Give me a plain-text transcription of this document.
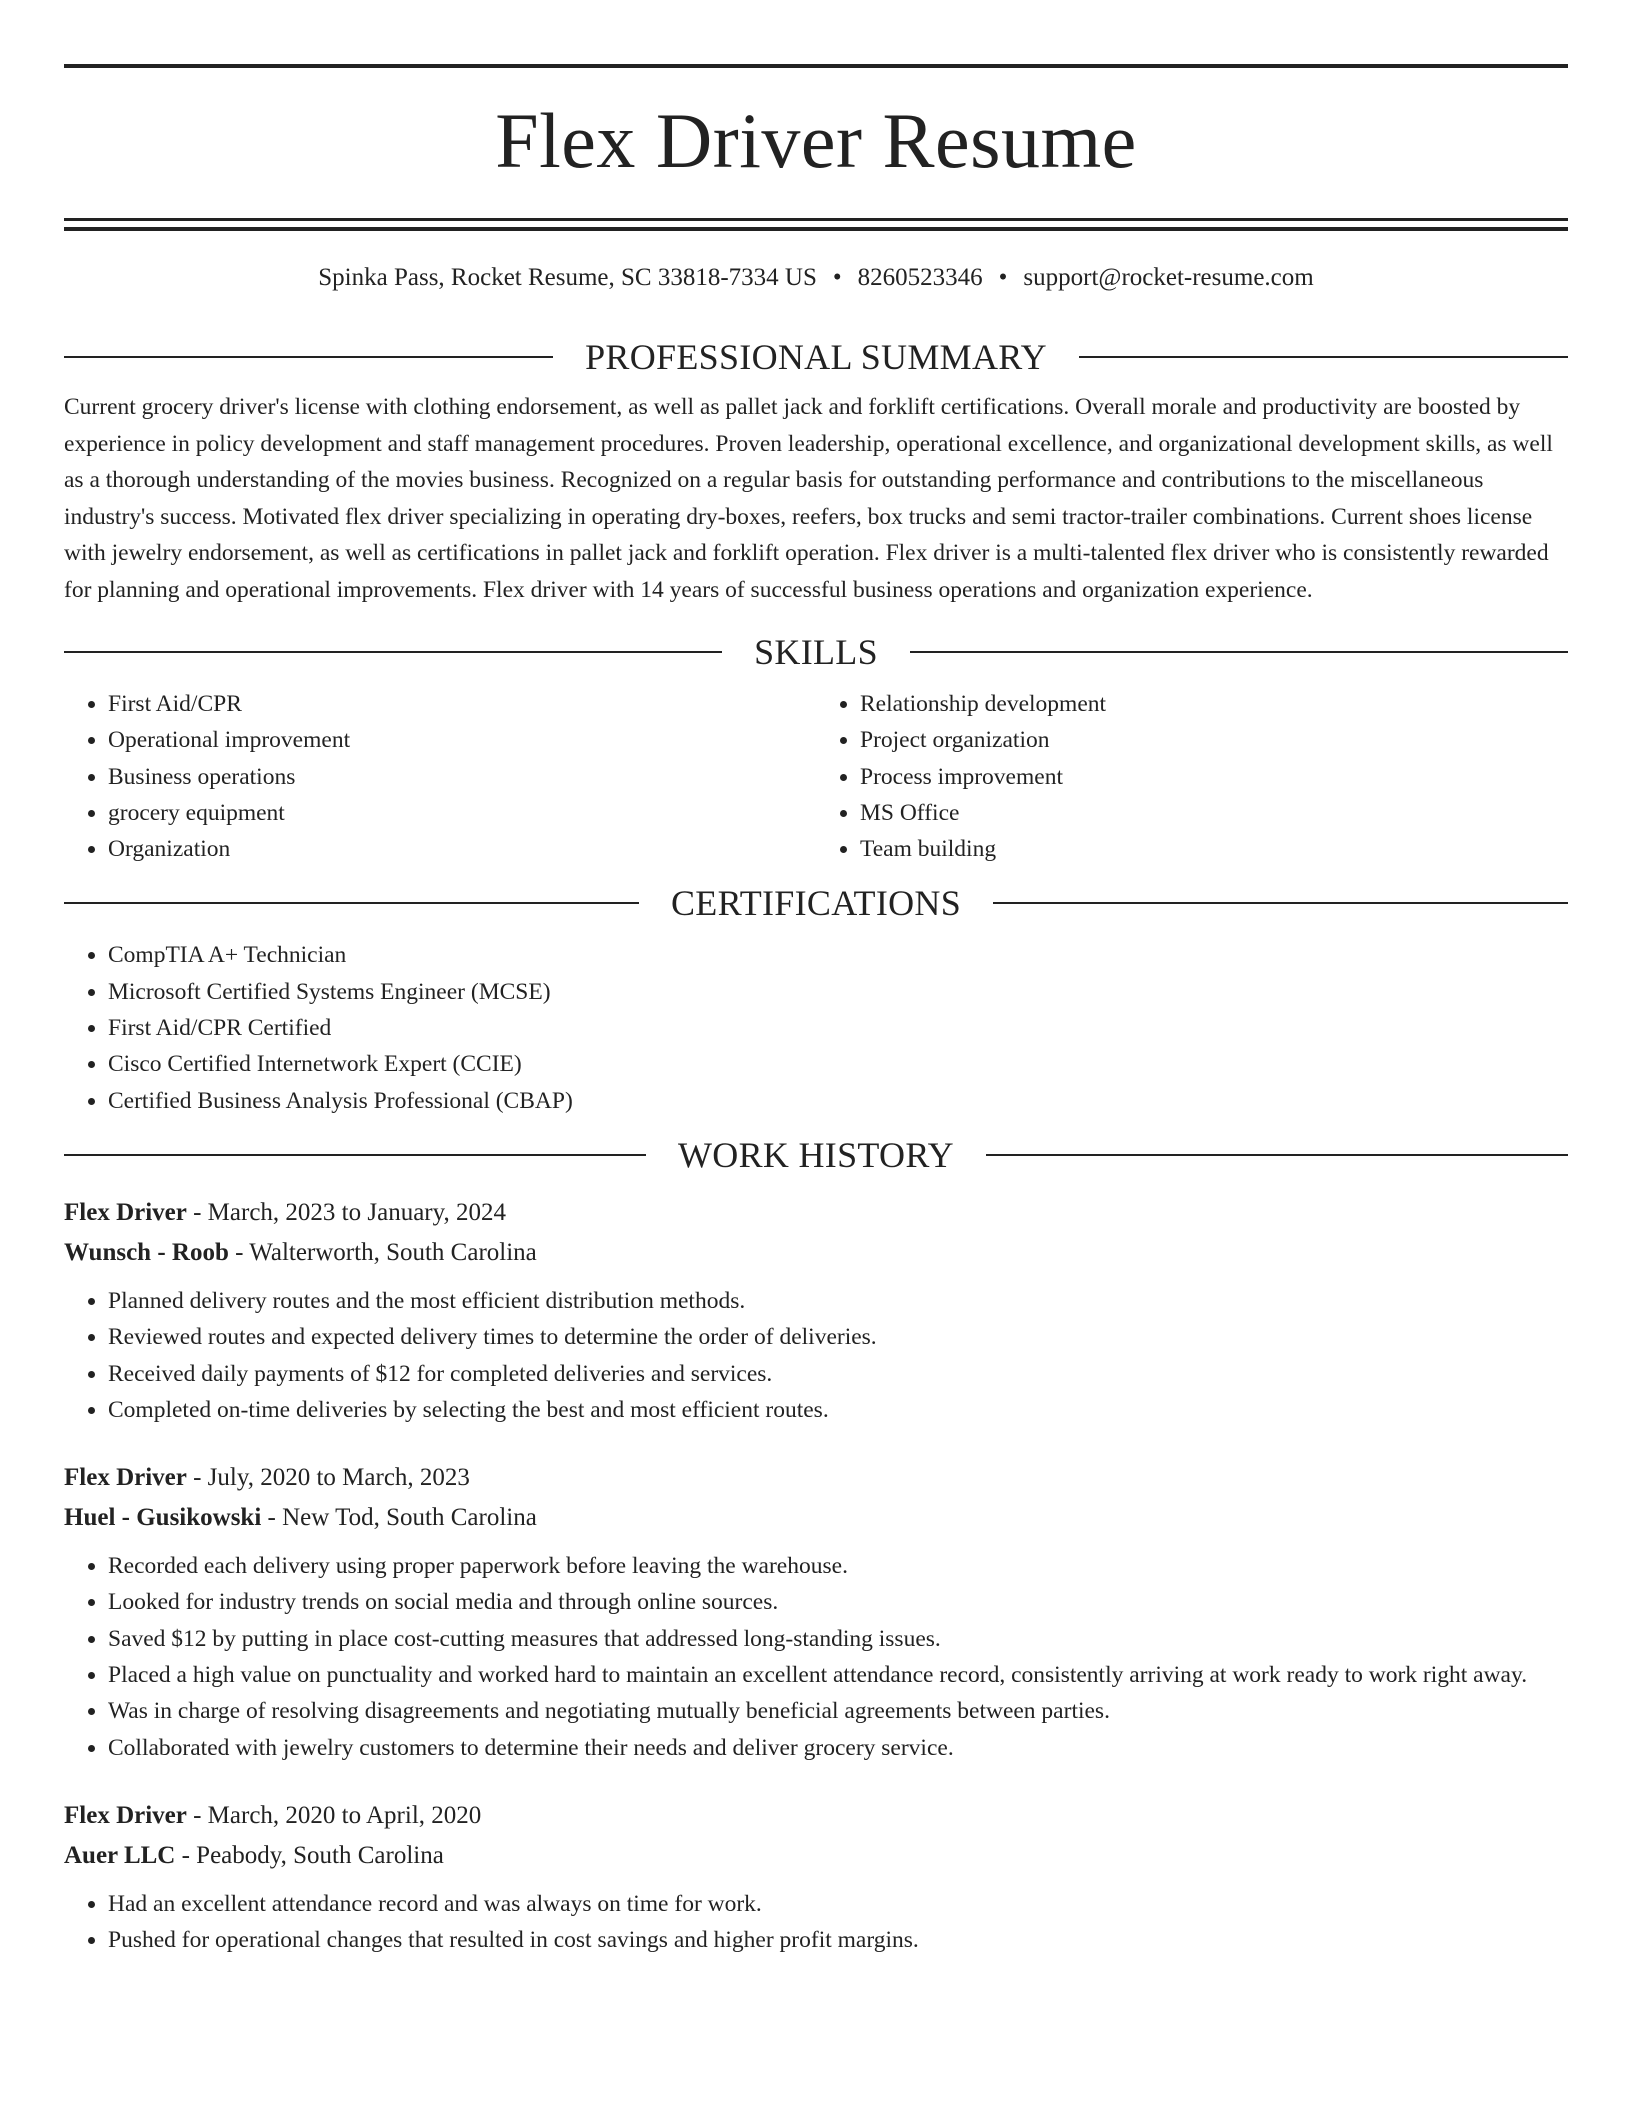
Flex Driver Resume
Spinka Pass, Rocket Resume, SC 33818-7334 US • 8260523346 • support@rocket-resume.com
PROFESSIONAL SUMMARY

Current grocery driver's license with clothing endorsement, as well as pallet jack and forklift certifications. Overall morale and productivity are boosted by experience in policy development and staff management procedures. Proven leadership, operational excellence, and organizational development skills, as well as a thorough understanding of the movies business. Recognized on a regular basis for outstanding performance and contributions to the miscellaneous industry's success. Motivated flex driver specializing in operating dry-boxes, reefers, box trucks and semi tractor-trailer combinations. Current shoes license with jewelry endorsement, as well as certifications in pallet jack and forklift operation. Flex driver is a multi-talented flex driver who is consistently rewarded for planning and operational improvements. Flex driver with 14 years of successful business operations and organization experience.

SKILLS
• First Aid/CPR
• Operational improvement
• Business operations
• grocery equipment
• Organization
• Relationship development
• Project organization
• Process improvement
• MS Office
• Team building
CERTIFICATIONS
• CompTIA A+ Technician
• Microsoft Certified Systems Engineer (MCSE)
• First Aid/CPR Certified
• Cisco Certified Internetwork Expert (CCIE)
• Certified Business Analysis Professional (CBAP)
WORK HISTORY
Flex Driver - March, 2023 to January, 2024
Wunsch - Roob - Walterworth, South Carolina
• Planned delivery routes and the most efficient distribution methods.
• Reviewed routes and expected delivery times to determine the order of deliveries.
• Received daily payments of $12 for completed deliveries and services.
• Completed on-time deliveries by selecting the best and most efficient routes.
Flex Driver - July, 2020 to March, 2023
Huel - Gusikowski - New Tod, South Carolina
• Recorded each delivery using proper paperwork before leaving the warehouse.
• Looked for industry trends on social media and through online sources.
• Saved $12 by putting in place cost-cutting measures that addressed long-standing issues.
• Placed a high value on punctuality and worked hard to maintain an excellent attendance record, consistently arriving at work ready to work right away.
• Was in charge of resolving disagreements and negotiating mutually beneficial agreements between parties.
• Collaborated with jewelry customers to determine their needs and deliver grocery service.
Flex Driver - March, 2020 to April, 2020
Auer LLC - Peabody, South Carolina
• Had an excellent attendance record and was always on time for work.
• Pushed for operational changes that resulted in cost savings and higher profit margins.
